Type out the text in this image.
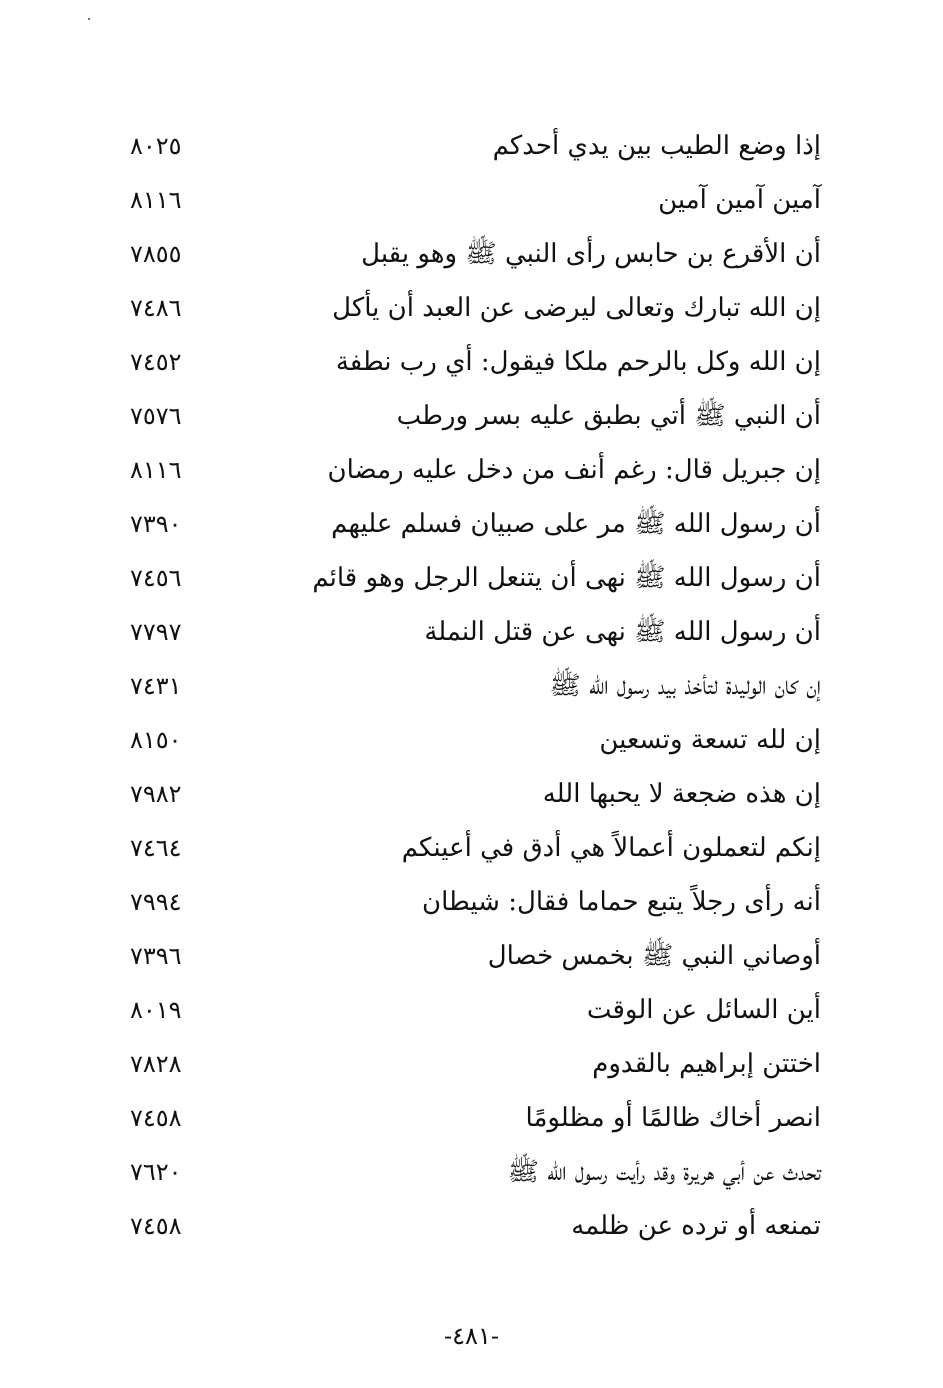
إذا وضع الطيب بين يدي أحدكم
٨٠٢٥
آمين آمين آمين
٨١١٦
أن الأقرع بن حابس رأى النبي ﷺ وهو يقبل
٧٨٥٥
إن الله تبارك وتعالى ليرضى عن العبد أن يأكل
٧٤٨٦
إن الله وكل بالرحم ملكا فيقول: أي رب نطفة
٧٤٥٢
أن النبي ﷺ أتي بطبق عليه بسر ورطب
٧٥٧٦
إن جبريل قال: رغم أنف من دخل عليه رمضان
٨١١٦
أن رسول الله ﷺ مر على صبيان فسلم عليهم
٧٣٩٠
أن رسول الله ﷺ نهى أن يتنعل الرجل وهو قائم
٧٤٥٦
أن رسول الله ﷺ نهى عن قتل النملة
٧٧٩٧
إن كان الوليدة لتأخذ بيد رسول الله ﷺ
٧٤٣١
إن لله تسعة وتسعين
٨١٥٠
إن هذه ضجعة لا يحبها الله
٧٩٨٢
إنكم لتعملون أعمالاً هي أدق في أعينكم
٧٤٦٤
أنه رأى رجلاً يتبع حماما فقال: شيطان
٧٩٩٤
أوصاني النبي ﷺ بخمس خصال
٧٣٩٦
أين السائل عن الوقت
٨٠١٩
اختتن إبراهيم بالقدوم
٧٨٢٨
انصر أخاك ظالمًا أو مظلومًا
٧٤٥٨
تحدث عن أبي هريرة وقد رأيت رسول الله ﷺ
٧٦٢٠
تمنعه أو ترده عن ظلمه
٧٤٥٨
-٤٨١-
